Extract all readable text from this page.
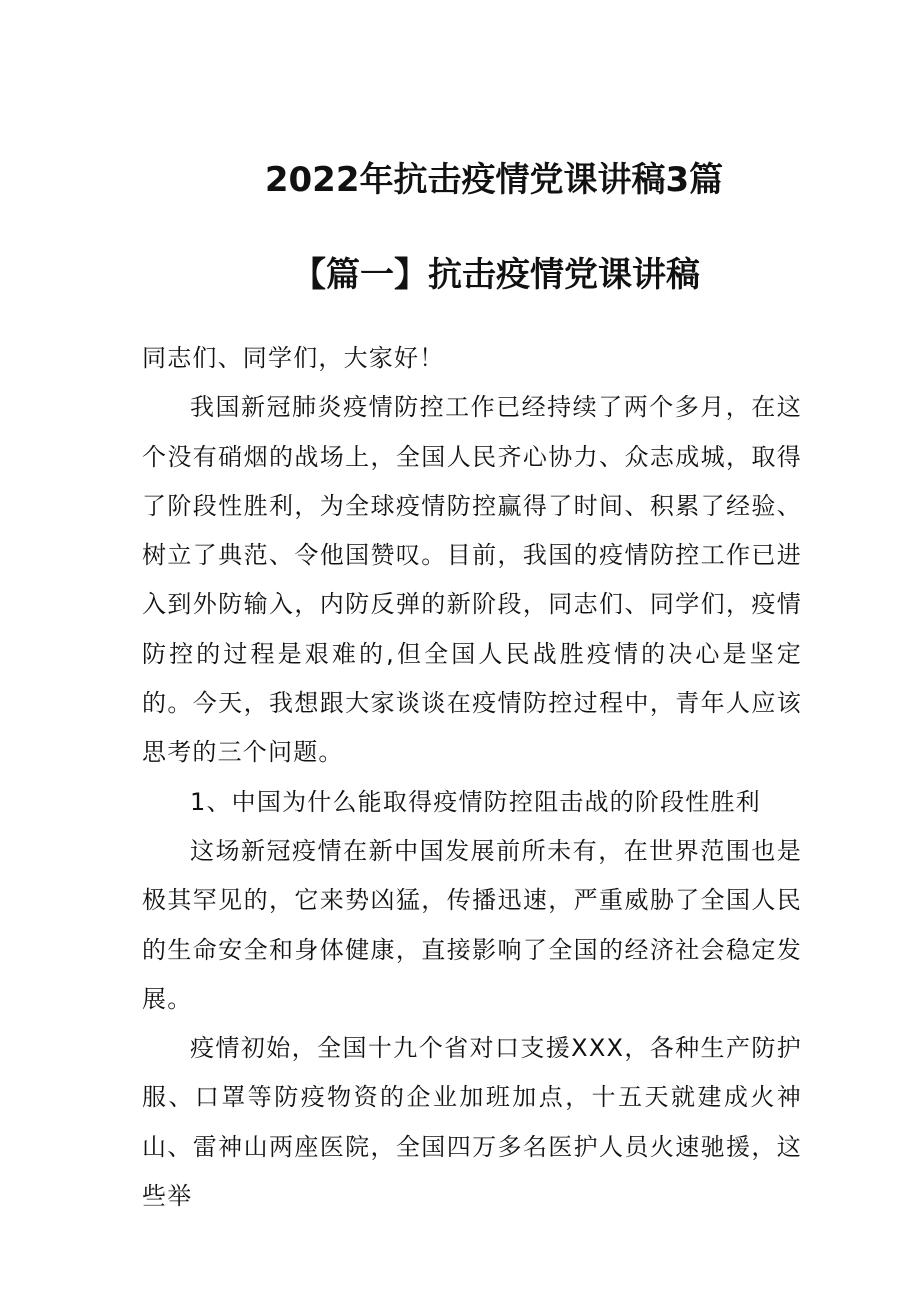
2022年抗击疫情党课讲稿3篇
【篇一】抗击疫情党课讲稿

同志们、同学们，大家好！

我国新冠肺炎疫情防控工作已经持续了两个多月，在这个没有硝烟的战场上，全国人民齐心协力、众志成城，取得了阶段性胜利，为全球疫情防控赢得了时间、积累了经验、树立了典范、令他国赞叹。目前，我国的疫情防控工作已进入到外防输入，内防反弹的新阶段，同志们、同学们，疫情防控的过程是艰难的,但全国人民战胜疫情的决心是坚定的。今天，我想跟大家谈谈在疫情防控过程中，青年人应该思考的三个问题。

1、中国为什么能取得疫情防控阻击战的阶段性胜利

这场新冠疫情在新中国发展前所未有，在世界范围也是极其罕见的，它来势凶猛，传播迅速，严重威胁了全国人民的生命安全和身体健康，直接影响了全国的经济社会稳定发展。

疫情初始，全国十九个省对口支援XXX，各种生产防护服、口罩等防疫物资的企业加班加点，十五天就建成火神山、雷神山两座医院，全国四万多名医护人员火速驰援，这些举
